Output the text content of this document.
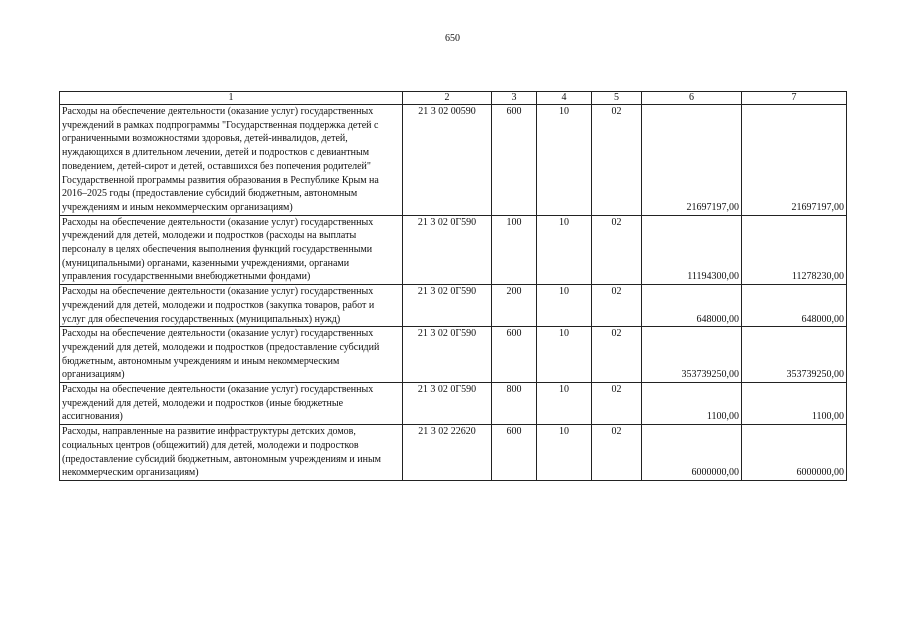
650
1	2	3	4	5	6	7
Расходы на обеспечение деятельности (оказание услуг) государственных учреждений в рамках подпрограммы "Государственная поддержка детей с ограниченными возможностями здоровья, детей-инвалидов, детей, нуждающихся в длительном лечении, детей и подростков с девиантным поведением, детей-сирот и детей, оставшихся без попечения родителей" Государственной программы развития образования в Республике Крым на 2016–2025 годы (предоставление субсидий бюджетным, автономным учреждениям и иным некоммерческим организациям)	21 3 02 00590	600	10	02	21697197,00	21697197,00
Расходы на обеспечение деятельности (оказание услуг) государственных учреждений для детей, молодежи и подростков (расходы на выплаты персоналу в целях обеспечения выполнения функций государственными (муниципальными) органами, казенными учреждениями, органами управления государственными внебюджетными фондами)	21 3 02 0Г590	100	10	02	11194300,00	11278230,00
Расходы на обеспечение деятельности (оказание услуг) государственных учреждений для детей, молодежи и подростков (закупка товаров, работ и услуг для обеспечения государственных (муниципальных) нужд)	21 3 02 0Г590	200	10	02	648000,00	648000,00
Расходы на обеспечение деятельности (оказание услуг) государственных учреждений для детей, молодежи и подростков (предоставление субсидий бюджетным, автономным учреждениям и иным некоммерческим организациям)	21 3 02 0Г590	600	10	02	353739250,00	353739250,00
Расходы на обеспечение деятельности (оказание услуг) государственных учреждений для детей, молодежи и подростков (иные бюджетные ассигнования)	21 3 02 0Г590	800	10	02	1100,00	1100,00
Расходы, направленные на развитие инфраструктуры детских домов, социальных центров (общежитий) для детей, молодежи и подростков (предоставление субсидий бюджетным, автономным учреждениям и иным некоммерческим организациям)	21 3 02 22620	600	10	02	6000000,00	6000000,00
